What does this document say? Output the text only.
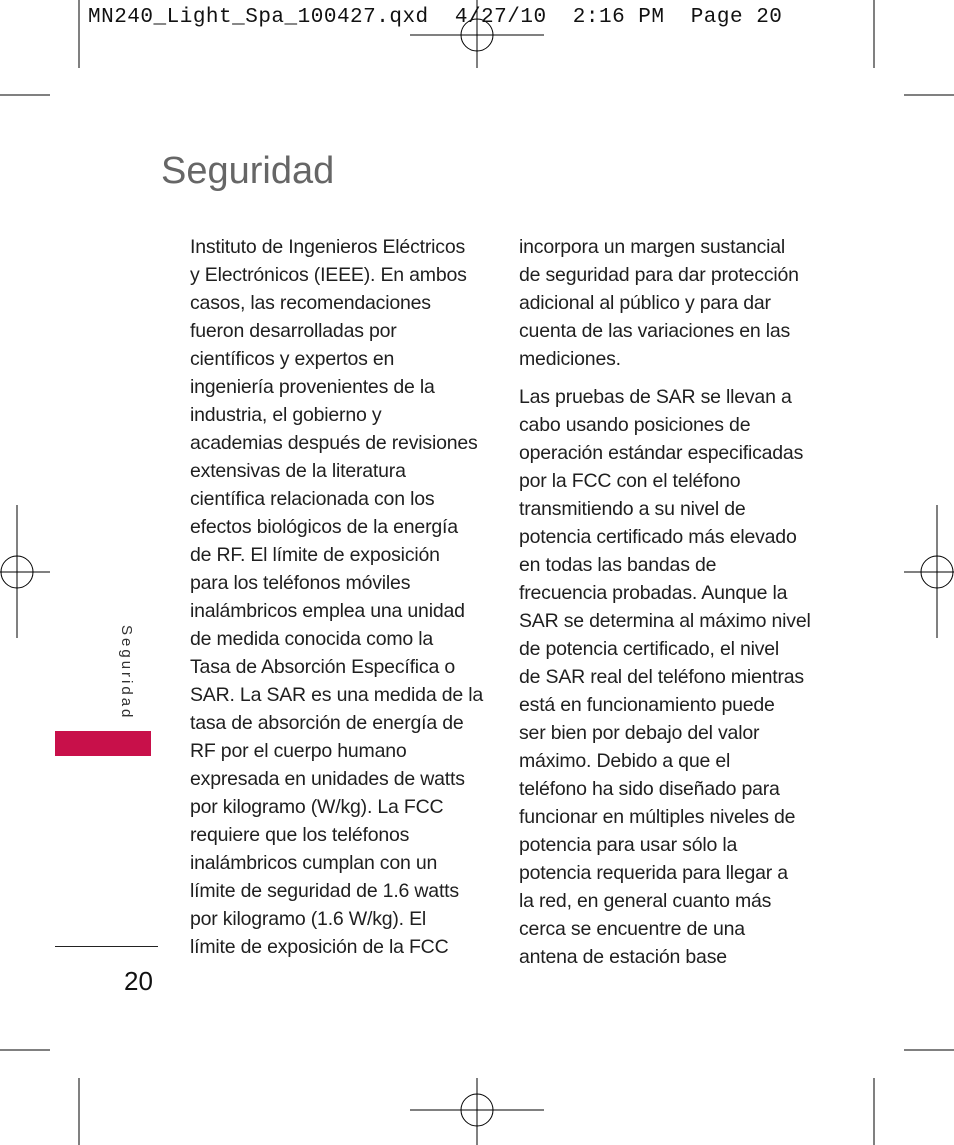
MN240_Light_Spa_100427.qxd  4/27/10  2:16 PM  Page 20
Seguridad

Instituto de Ingenieros Eléctricos
y Electrónicos (IEEE). En ambos
casos, las recomendaciones
fueron desarrolladas por
científicos y expertos en
ingeniería provenientes de la
industria, el gobierno y
academias después de revisiones
extensivas de la literatura
científica relacionada con los
efectos biológicos de la energía
de RF. El límite de exposición
para los teléfonos móviles
inalámbricos emplea una unidad
de medida conocida como la
Tasa de Absorción Específica o
SAR. La SAR es una medida de la
tasa de absorción de energía de
RF por el cuerpo humano
expresada en unidades de watts
por kilogramo (W/kg). La FCC
requiere que los teléfonos
inalámbricos cumplan con un
límite de seguridad de 1.6 watts
por kilogramo (1.6 W/kg). El
límite de exposición de la FCC

incorpora un margen sustancial
de seguridad para dar protección
adicional al público y para dar
cuenta de las variaciones en las
mediciones.

Las pruebas de SAR se llevan a
cabo usando posiciones de
operación estándar especificadas
por la FCC con el teléfono
transmitiendo a su nivel de
potencia certificado más elevado
en todas las bandas de
frecuencia probadas. Aunque la
SAR se determina al máximo nivel
de potencia certificado, el nivel
de SAR real del teléfono mientras
está en funcionamiento puede
ser bien por debajo del valor
máximo. Debido a que el
teléfono ha sido diseñado para
funcionar en múltiples niveles de
potencia para usar sólo la
potencia requerida para llegar a
la red, en general cuanto más
cerca se encuentre de una
antena de estación base

Seguridad
20
